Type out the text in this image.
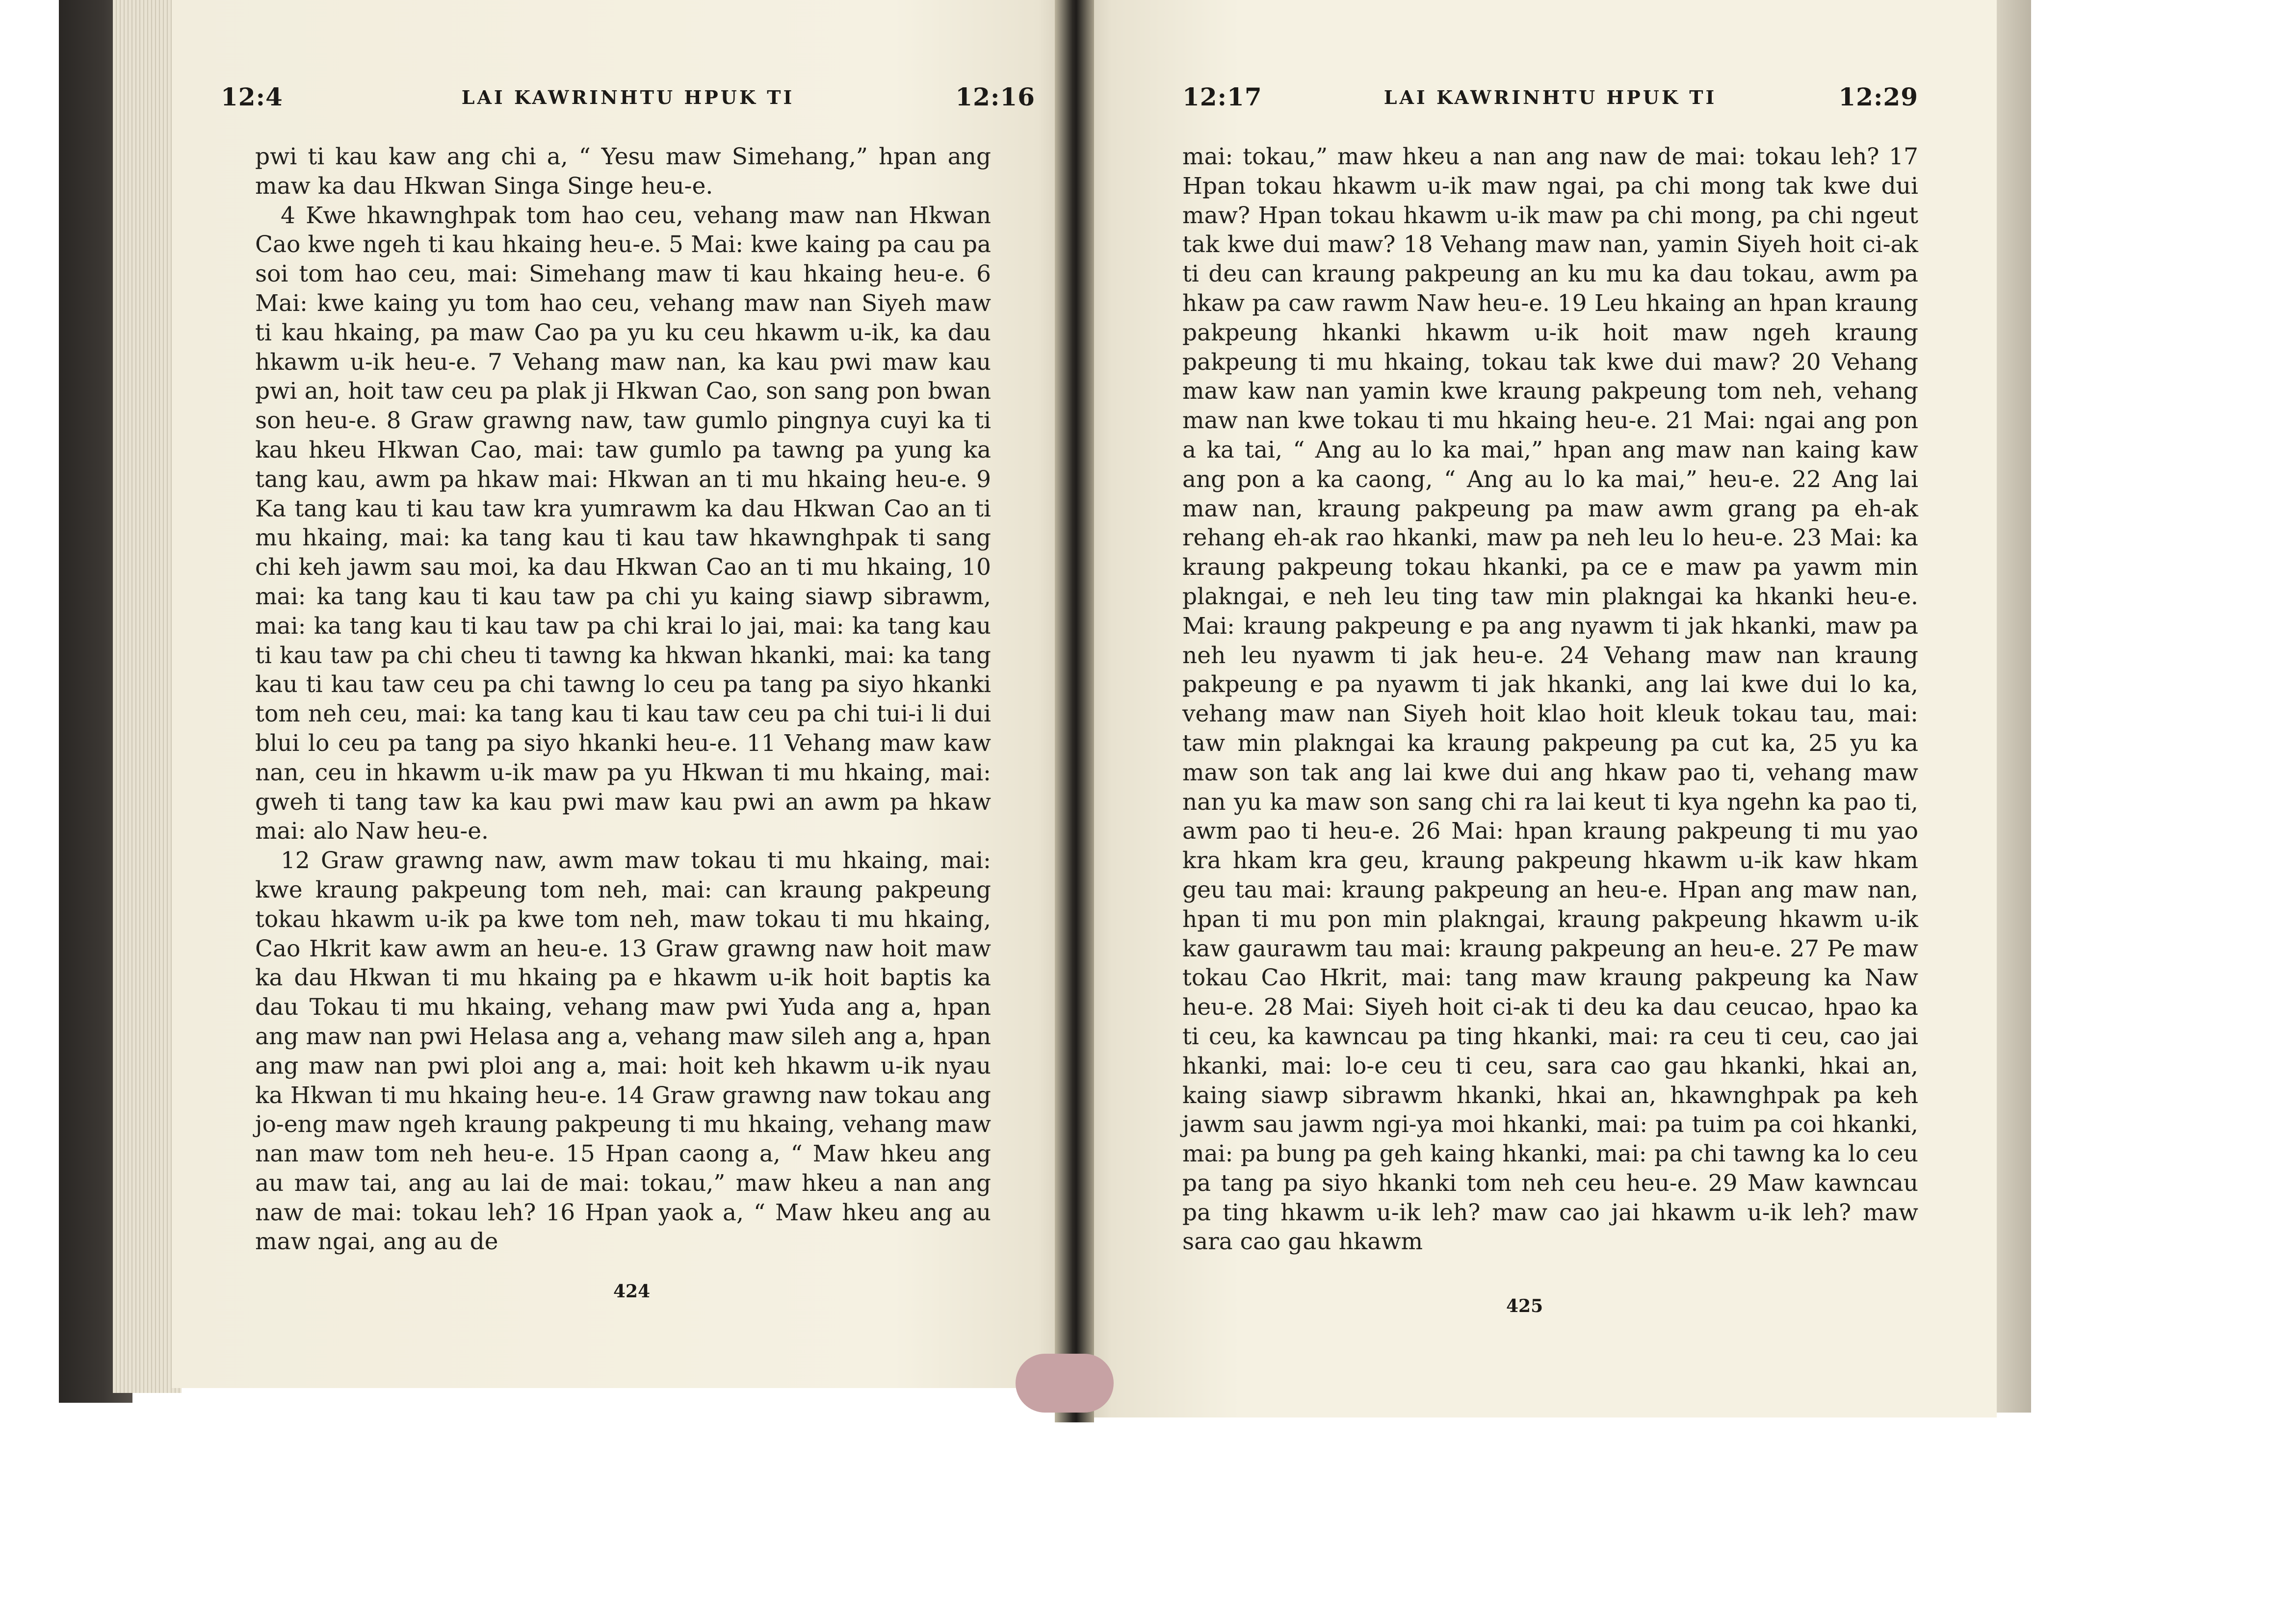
12:4	LAI KAWRINHTU HPUK TI	12:16

pwi ti kau kaw ang chi a, “ Yesu maw Simehang,” hpan ang maw ka dau Hkwan Singa Singe heu-e.

4 Kwe hkawnghpak tom hao ceu, vehang maw nan Hkwan Cao kwe ngeh ti kau hkaing heu-e. 5 Mai: kwe kaing pa cau pa soi tom hao ceu, mai: Simehang maw ti kau hkaing heu-e. 6 Mai: kwe kaing yu tom hao ceu, vehang maw nan Siyeh maw ti kau hkaing, pa maw Cao pa yu ku ceu hkawm u-ik, ka dau hkawm u-ik heu-e. 7 Vehang maw nan, ka kau pwi maw kau pwi an, hoit taw ceu pa plak ji Hkwan Cao, son sang pon bwan son heu-e. 8 Graw grawng naw, taw gumlo pingnya cuyi ka ti kau hkeu Hkwan Cao, mai: taw gumlo pa tawng pa yung ka tang kau, awm pa hkaw mai: Hkwan an ti mu hkaing heu-e. 9 Ka tang kau ti kau taw kra yumrawm ka dau Hkwan Cao an ti mu hkaing, mai: ka tang kau ti kau taw hkawnghpak ti sang chi keh jawm sau moi, ka dau Hkwan Cao an ti mu hkaing, 10 mai: ka tang kau ti kau taw pa chi yu kaing siawp sibrawm, mai: ka tang kau ti kau taw pa chi krai lo jai, mai: ka tang kau ti kau taw pa chi cheu ti tawng ka hkwan hkanki, mai: ka tang kau ti kau taw ceu pa chi tawng lo ceu pa tang pa siyo hkanki tom neh ceu, mai: ka tang kau ti kau taw ceu pa chi tui-i li dui blui lo ceu pa tang pa siyo hkanki heu-e. 11 Vehang maw kaw nan, ceu in hkawm u-ik maw pa yu Hkwan ti mu hkaing, mai: gweh ti tang taw ka kau pwi maw kau pwi an awm pa hkaw mai: alo Naw heu-e.

12 Graw grawng naw, awm maw tokau ti mu hkaing, mai: kwe kraung pakpeung tom neh, mai: can kraung pakpeung tokau hkawm u-ik pa kwe tom neh, maw tokau ti mu hkaing, Cao Hkrit kaw awm an heu-e. 13 Graw grawng naw hoit maw ka dau Hkwan ti mu hkaing pa e hkawm u-ik hoit baptis ka dau Tokau ti mu hkaing, vehang maw pwi Yuda ang a, hpan ang maw nan pwi Helasa ang a, vehang maw sileh ang a, hpan ang maw nan pwi ploi ang a, mai: hoit keh hkawm u-ik nyau ka Hkwan ti mu hkaing heu-e. 14 Graw grawng naw tokau ang jo-eng maw ngeh kraung pakpeung ti mu hkaing, vehang maw nan maw tom neh heu-e. 15 Hpan caong a, “ Maw hkeu ang au maw tai, ang au lai de mai: tokau,” maw hkeu a nan ang naw de mai: tokau leh? 16 Hpan yaok a, “ Maw hkeu ang au maw ngai, ang au de

424
12:17	LAI KAWRINHTU HPUK TI	12:29

mai: tokau,” maw hkeu a nan ang naw de mai: tokau leh? 17 Hpan tokau hkawm u-ik maw ngai, pa chi mong tak kwe dui maw? Hpan tokau hkawm u-ik maw pa chi mong, pa chi ngeut tak kwe dui maw? 18 Vehang maw nan, yamin Siyeh hoit ci-ak ti deu can kraung pakpeung an ku mu ka dau tokau, awm pa hkaw pa caw rawm Naw heu-e. 19 Leu hkaing an hpan kraung pakpeung hkanki hkawm u-ik hoit maw ngeh kraung pakpeung ti mu hkaing, tokau tak kwe dui maw? 20 Vehang maw kaw nan yamin kwe kraung pakpeung tom neh, vehang maw nan kwe tokau ti mu hkaing heu-e. 21 Mai: ngai ang pon a ka tai, “ Ang au lo ka mai,” hpan ang maw nan kaing kaw ang pon a ka caong, “ Ang au lo ka mai,” heu-e. 22 Ang lai maw nan, kraung pakpeung pa maw awm grang pa eh-ak rehang eh-ak rao hkanki, maw pa neh leu lo heu-e. 23 Mai: ka kraung pakpeung tokau hkanki, pa ce e maw pa yawm min plakngai, e neh leu ting taw min plakngai ka hkanki heu-e. Mai: kraung pakpeung e pa ang nyawm ti jak hkanki, maw pa neh leu nyawm ti jak heu-e. 24 Vehang maw nan kraung pakpeung e pa nyawm ti jak hkanki, ang lai kwe dui lo ka, vehang maw nan Siyeh hoit klao hoit kleuk tokau tau, mai: taw min plakngai ka kraung pakpeung pa cut ka, 25 yu ka maw son tak ang lai kwe dui ang hkaw pao ti, vehang maw nan yu ka maw son sang chi ra lai keut ti kya ngehn ka pao ti, awm pao ti heu-e. 26 Mai: hpan kraung pakpeung ti mu yao kra hkam kra geu, kraung pakpeung hkawm u-ik kaw hkam geu tau mai: kraung pakpeung an heu-e. Hpan ang maw nan, hpan ti mu pon min plakngai, kraung pakpeung hkawm u-ik kaw gaurawm tau mai: kraung pakpeung an heu-e. 27 Pe maw tokau Cao Hkrit, mai: tang maw kraung pakpeung ka Naw heu-e. 28 Mai: Siyeh hoit ci-ak ti deu ka dau ceucao, hpao ka ti ceu, ka kawncau pa ting hkanki, mai: ra ceu ti ceu, cao jai hkanki, mai: lo-e ceu ti ceu, sara cao gau hkanki, hkai an, kaing siawp sibrawm hkanki, hkai an, hkawnghpak pa keh jawm sau jawm ngi-ya moi hkanki, mai: pa tuim pa coi hkanki, mai: pa bung pa geh kaing hkanki, mai: pa chi tawng ka lo ceu pa tang pa siyo hkanki tom neh ceu heu-e. 29 Maw kawncau pa ting hkawm u-ik leh? maw cao jai hkawm u-ik leh? maw sara cao gau hkawm

425
